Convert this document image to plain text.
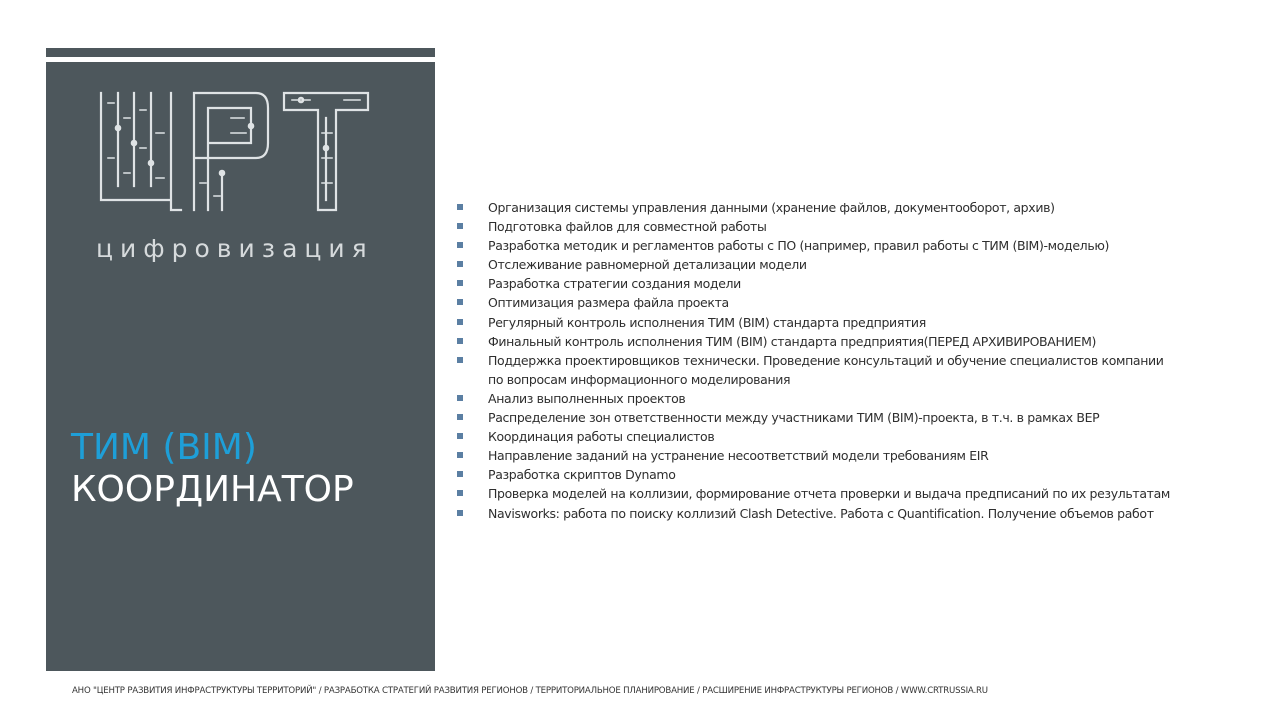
цифровизация
ТИМ (BIM)
КООРДИНАТОР
Организация системы управления данными (хранение файлов, документооборот, архив)
Подготовка файлов для совместной работы
Разработка методик и регламентов работы с ПО (например, правил работы с ТИМ (BIM)-моделью)
Отслеживание равномерной детализации модели
Разработка стратегии создания модели
Оптимизация размера файла проекта
Регулярный контроль исполнения ТИМ (BIM) стандарта предприятия
Финальный контроль исполнения ТИМ (BIM) стандарта предприятия(ПЕРЕД АРХИВИРОВАНИЕМ)
Поддержка проектировщиков технически. Проведение консультаций и обучение специалистов компании по вопросам информационного моделирования
Анализ выполненных проектов
Распределение зон ответственности между участниками ТИМ (BIM)-проекта, в т.ч. в рамках BEP
Координация работы специалистов
Направление заданий на устранение несоответствий модели требованиям EIR
Разработка скриптов Dynamo
Проверка моделей на коллизии, формирование отчета проверки и выдача предписаний по их результатам
Navisworks: работа по поиску коллизий Clash Detective. Работа с Quantification. Получение объемов работ
АНО "ЦЕНТР РАЗВИТИЯ ИНФРАСТРУКТУРЫ ТЕРРИТОРИЙ" / РАЗРАБОТКА СТРАТЕГИЙ РАЗВИТИЯ РЕГИОНОВ / ТЕРРИТОРИАЛЬНОЕ ПЛАНИРОВАНИЕ / РАСШИРЕНИЕ ИНФРАСТРУКТУРЫ РЕГИОНОВ / WWW.CRTRUSSIA.RU
